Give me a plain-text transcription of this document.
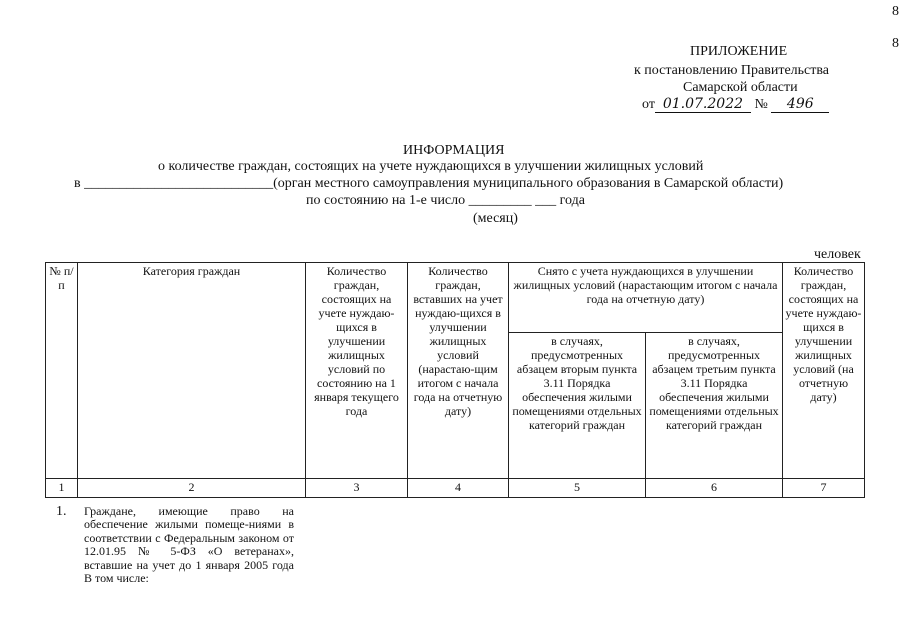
8
8
ПРИЛОЖЕНИЕ
к постановлению Правительства
Самарской области
от 01.07.2022 № 496
ИНФОРМАЦИЯ
о количестве граждан, состоящих на учете нуждающихся в улучшении жилищных условий
в ___________________________(орган местного самоуправления муниципального образования в Самарской области)
по состоянию на 1-е число _________ ___ года
(месяц)
человек
№ п/п	Категория граждан	Количество граждан, состоящих на учете нуждаю-щихся в улучшении жилищных условий по состоянию на 1 января текущего года	Количество граждан, вставших на учет нуждаю-щихся в улучшении жилищных условий (нарастаю-щим итогом с начала года на отчетную дату)	Снято с учета нуждающихся в улучшении жилищных условий (нарастающим итогом с начала года на отчетную дату)		Количество граждан, состоящих на учете нуждаю-щихся в улучшении жилищных условий (на отчетную дату)
				в случаях, предусмотренных абзацем вторым пункта 3.11 Порядка обеспечения жилыми помещениями отдельных категорий граждан	в случаях, предусмотренных абзацем третьим пункта 3.11 Порядка обеспечения жилыми помещениями отдельных категорий граждан	
1	2	3	4	5	6	7
1. Граждане, имеющие право на обеспечение жилыми помеще-ниями в соответствии с Федеральным законом от 12.01.95 № 5-ФЗ «О ветеранах», вставшие на учет до 1 января 2005 года В том числе:
